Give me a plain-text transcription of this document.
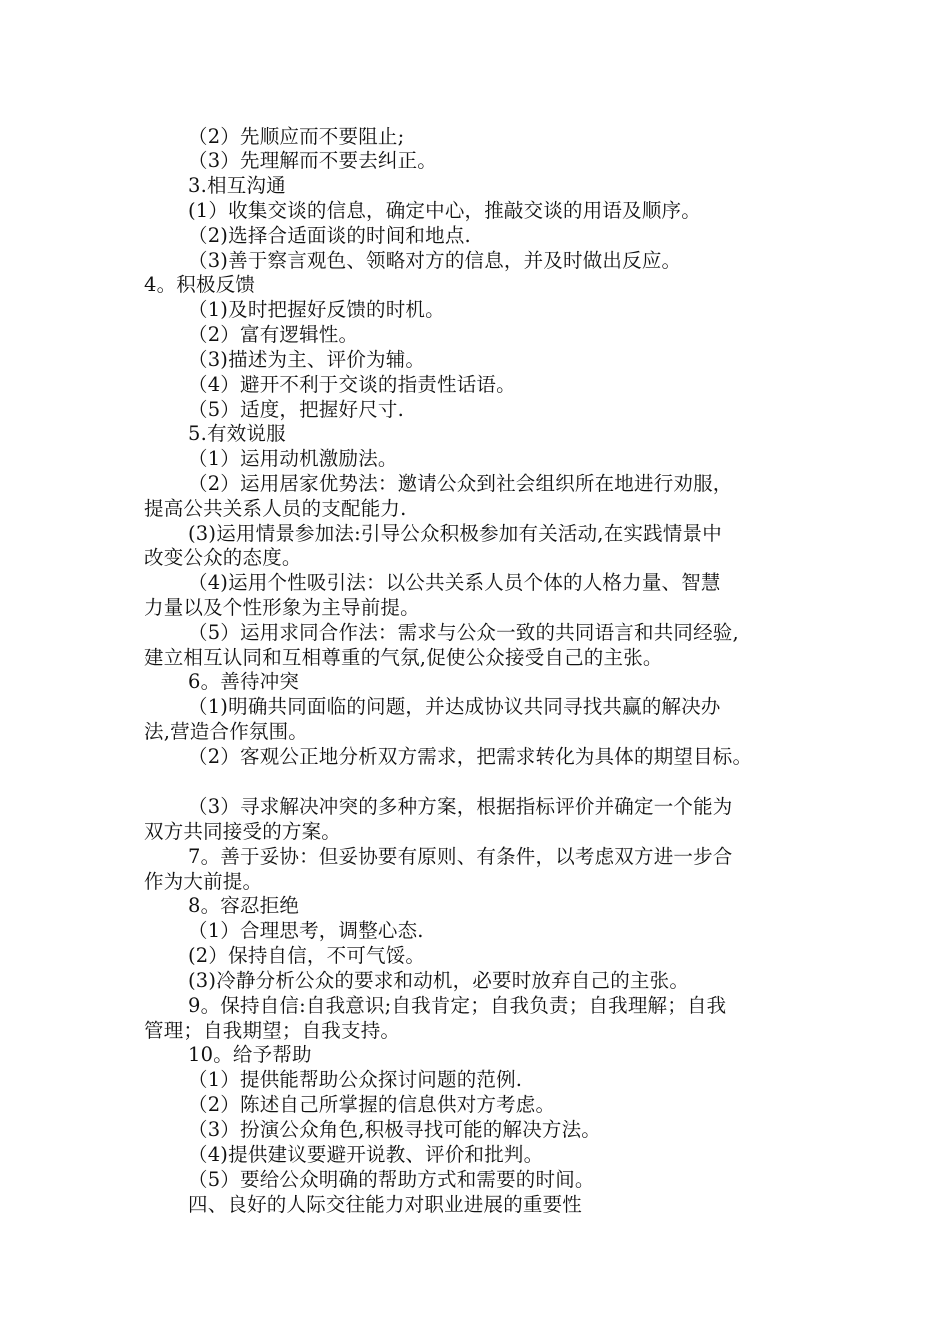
（2）先顺应而不要阻止;
（3）先理解而不要去纠正。
3.相互沟通
(1）收集交谈的信息，确定中心，推敲交谈的用语及顺序。
（2)选择合适面谈的时间和地点.
（3)善于察言观色、领略对方的信息，并及时做出反应。
4。积极反馈
（1)及时把握好反馈的时机。
（2）富有逻辑性。
（3)描述为主、评价为辅。
（4）避开不利于交谈的指责性话语。
（5）适度，把握好尺寸.
5.有效说服
（1）运用动机激励法。
（2）运用居家优势法：邀请公众到社会组织所在地进行劝服，
提高公共关系人员的支配能力.
(3)运用情景参加法:引导公众积极参加有关活动,在实践情景中
改变公众的态度。
（4)运用个性吸引法：以公共关系人员个体的人格力量、智慧
力量以及个性形象为主导前提。
（5）运用求同合作法：需求与公众一致的共同语言和共同经验,
建立相互认同和互相尊重的气氛,促使公众接受自己的主张。
6。善待冲突
（1)明确共同面临的问题，并达成协议共同寻找共赢的解决办
法,营造合作氛围。
（2）客观公正地分析双方需求，把需求转化为具体的期望目标。
（3）寻求解决冲突的多种方案，根据指标评价并确定一个能为
双方共同接受的方案。
7。善于妥协：但妥协要有原则、有条件，以考虑双方进一步合
作为大前提。
8。容忍拒绝
（1）合理思考，调整心态.
(2）保持自信，不可气馁。
(3)冷静分析公众的要求和动机，必要时放弃自己的主张。
9。保持自信:自我意识;自我肯定；自我负责；自我理解；自我
管理；自我期望；自我支持。
10。给予帮助
（1）提供能帮助公众探讨问题的范例.
（2）陈述自己所掌握的信息供对方考虑。
（3）扮演公众角色,积极寻找可能的解决方法。
（4)提供建议要避开说教、评价和批判。
（5）要给公众明确的帮助方式和需要的时间。
四、良好的人际交往能力对职业进展的重要性
